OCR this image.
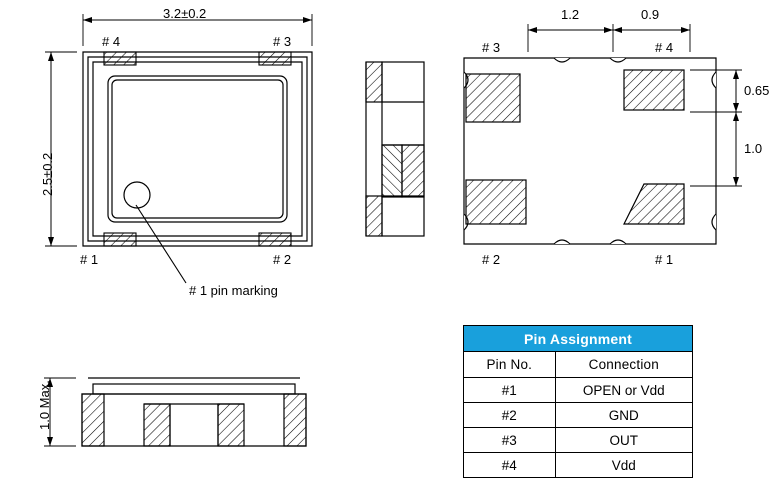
3.2±0.2
2.5±0.2
# 4	# 3
# 1	# 2
# 1 pin marking
1.0 Max.
1.2	0.9
0.65
1.0
# 3	# 4
# 2	# 1
Pin Assignment	
Pin No.	Connection
#1	OPEN or Vdd
#2	GND
#3	OUT
#4	Vdd
